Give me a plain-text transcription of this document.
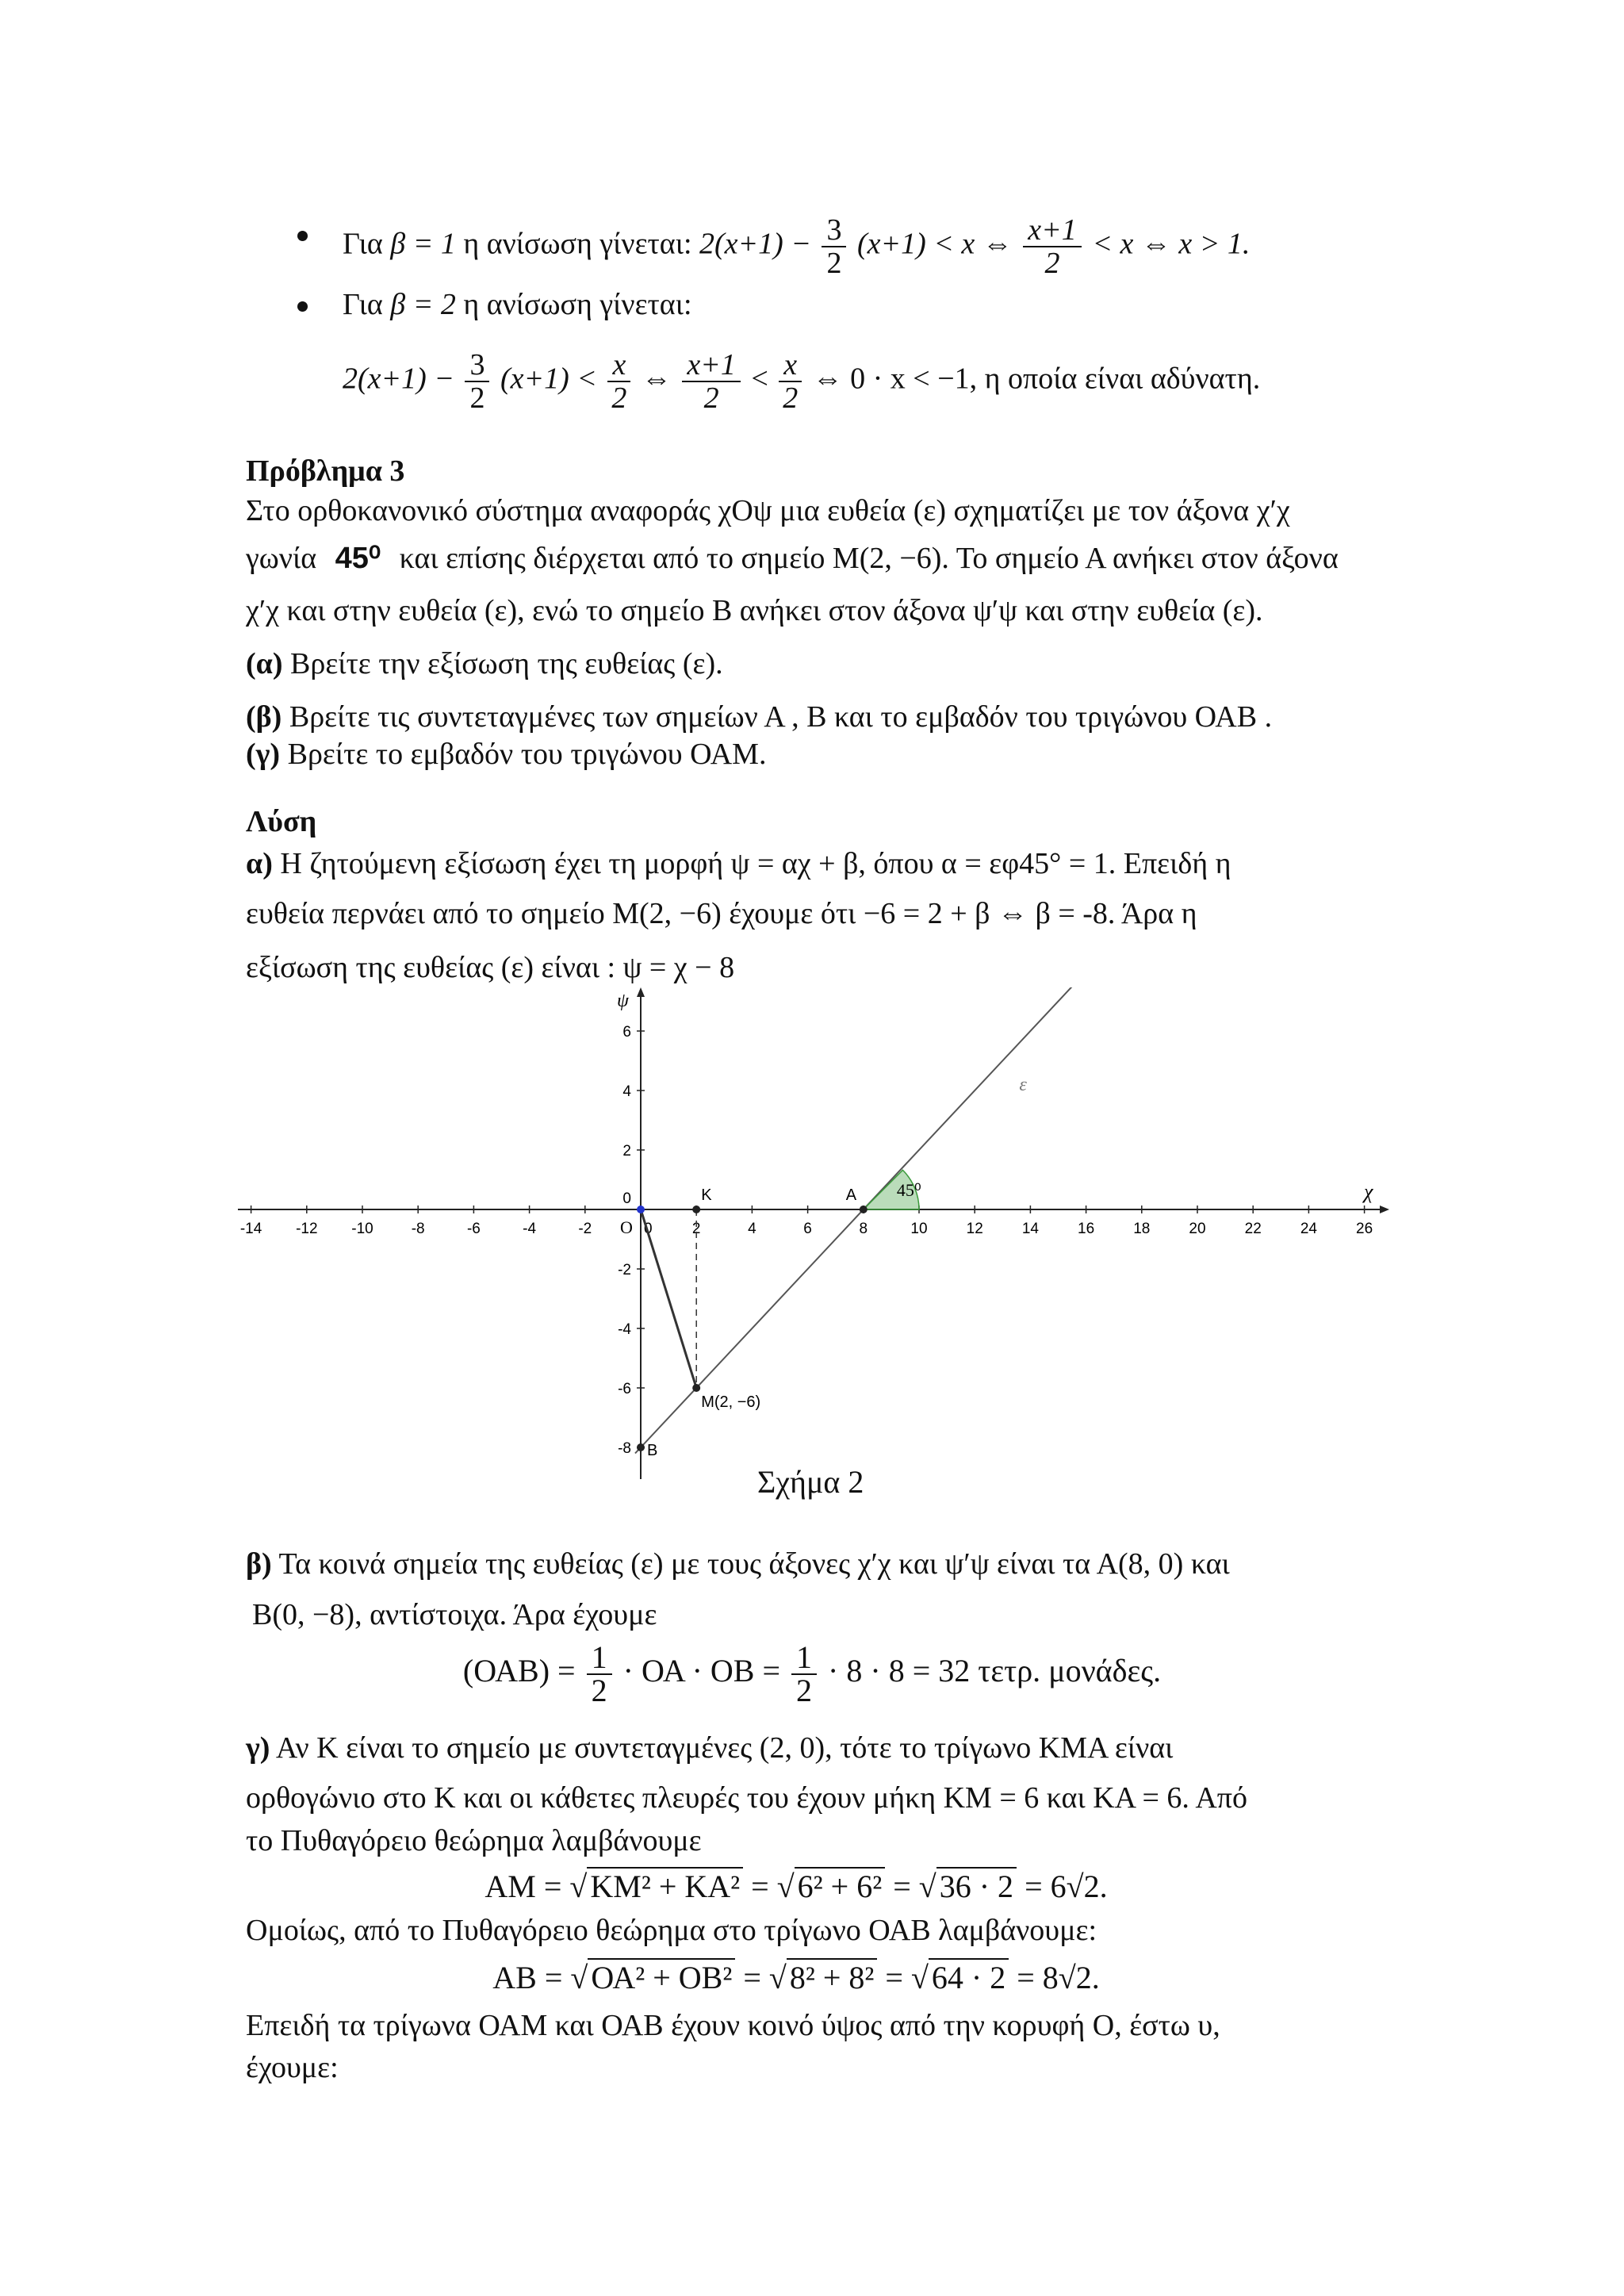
Για β = 1 η ανίσωση γίνεται: $2(x+1) - \frac{3}{2} (x+1) < x$ ⇔ $\frac{x+1}{2} < x$ ⇔ x > 1.
Για β = 2 η ανίσωση γίνεται:
$2(x+1) - \frac{3}{2} (x+1) < \frac{x}{2}$ ⇔ $\frac{x+1}{2} < \frac{x}{2}$ ⇔ 0 · x < −1, η οποία είναι αδύνατη.
Πρόβλημα 3
Στο ορθοκανονικό σύστημα αναφοράς χΟψ μια ευθεία (ε) σχηματίζει με τον άξονα χ′χ
γωνία 45⁰ και επίσης διέρχεται από το σημείο Μ(2, −6). Το σημείο Α ανήκει στον άξονα
χ′χ και στην ευθεία (ε), ενώ το σημείο Β ανήκει στον άξονα ψ′ψ και στην ευθεία (ε).
(α) Βρείτε την εξίσωση της ευθείας (ε).
(β) Βρείτε τις συντεταγμένες των σημείων Α , Β και το εμβαδόν του τριγώνου ΟΑΒ .
(γ) Βρείτε το εμβαδόν του τριγώνου ΟΑΜ.
Λύση
α) Η ζητούμενη εξίσωση έχει τη μορφή ψ = αχ + β, όπου α = εφ45° = 1. Επειδή η
ευθεία περνάει από το σημείο Μ(2, −6) έχουμε ότι −6 = 2 + β ⇔ β = -8. Άρα η
εξίσωση της ευθείας (ε) είναι : ψ = χ − 8
χ
ψ
-14 -12 -10	-8	-6	-4	-2	0	2	4	6	8	10	12	14	16	18	20	22	24	26
6
4
2
0
-2
-4
-6
-8
Ο
ε
45⁰
Κ	Α
Μ(2, −6)
Β
Σχήμα 2
β) Τα κοινά σημεία της ευθείας (ε) με τους άξονες χ′χ και ψ′ψ είναι τα Α(8, 0) και
Β(0, −8), αντίστοιχα. Άρα έχουμε
$(OAB) = \frac{1}{2} \cdot OA \cdot OB = \frac{1}{2} \cdot 8 \cdot 8 = 32$ τετρ. μονάδες.
γ) Αν Κ είναι το σημείο με συντεταγμένες (2, 0), τότε το τρίγωνο ΚΜΑ είναι
ορθογώνιο στο Κ και οι κάθετες πλευρές του έχουν μήκη ΚΜ = 6 και ΚΑ = 6. Από
το Πυθαγόρειο θεώρημα λαμβάνουμε
ΑΜ = √ ΚΜ² + ΚΑ² = √ 6² + 6² = √ 36 · 2 = 6√2.
Ομοίως, από το Πυθαγόρειο θεώρημα στο τρίγωνο ΟΑΒ λαμβάνουμε:
ΑΒ = √ ΟΑ² + ΟΒ² = √ 8² + 8² = √ 64 · 2 = 8√2.
Επειδή τα τρίγωνα ΟΑΜ και ΟΑΒ έχουν κοινό ύψος από την κορυφή Ο, έστω υ,
έχουμε:
